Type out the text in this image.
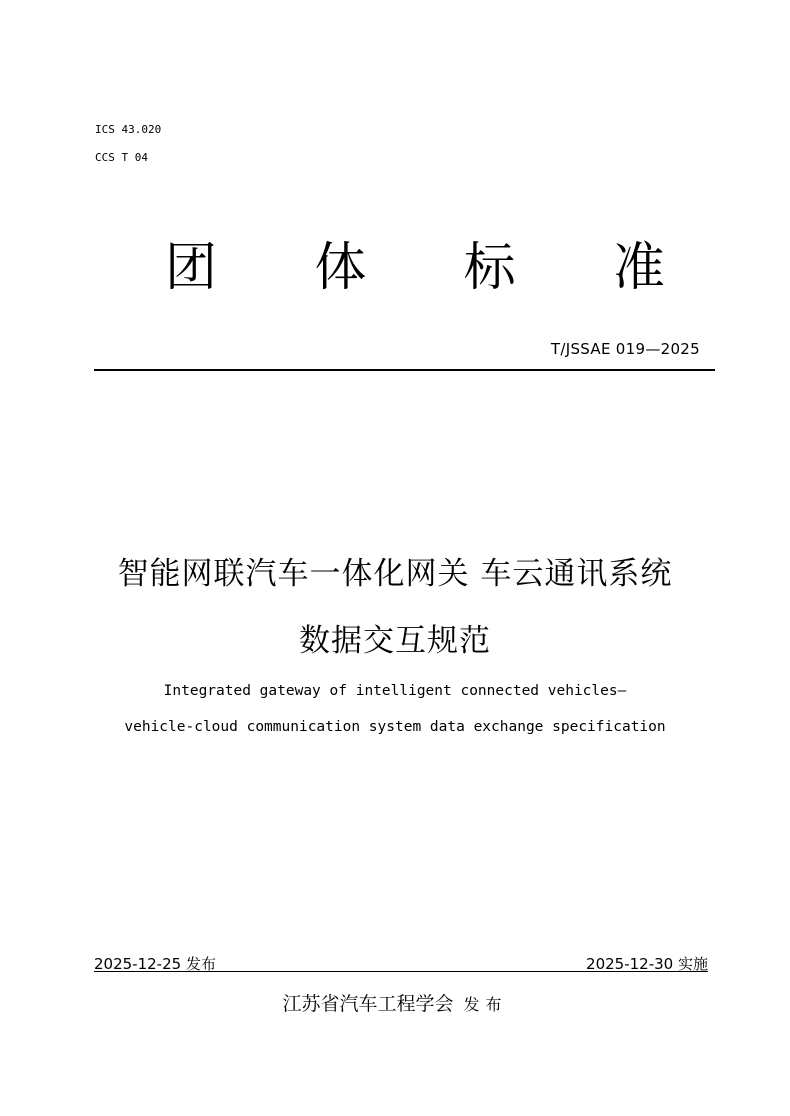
ICS 43.020
CCS T 04
团 体 标 准
T/JSSAE 019—2025
智能网联汽车一体化网关 车云通讯系统
数据交互规范
Integrated gateway of intelligent connected vehicles—
vehicle-cloud communication system data exchange specification
2025-12-25 发布	2025-12-30 实施
江苏省汽车工程学会 发布
